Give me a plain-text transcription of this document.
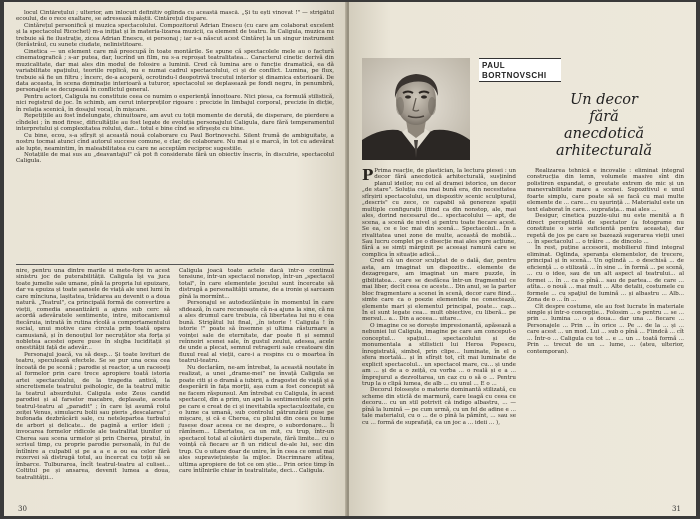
locul Cintărețului ; ulterior, am înlocuit definitiv oglinda cu această mască. „Și tu ești vinovat !" — strigătul ecoului, de o rece exaltare, se adresează măștii. Cintărețul dispare.

Cintărețul personifică și muzica spectacolului. Compozitorul Adrian Enescu (cu care am colaborat excelent și la spectacolul Ricochet) m-a inițiat și în materia-lizarea muzicii, ca element de teatru. În Caligula, muzica nu trebuie să fie ilustrație, zicea Adrian Enescu, ei personaj ; iar s-a născut acest Cintăreț la un singur instrument (ferăstrăul, cu sunete ciudate, nelinistitoare.

Cinetica — un element care mă preocupă în toate montările. Se spune că spectacolele mele au o factură cinematografică ; s-ar putea, dar, lucrînd un film, nu s-a reproșat teatralitatea... Caracterul cinetic derivă din muzicalitate, dar mai ales din modul de folosire a luminii. Cred că lumina are o funcție dramatică, ea dă variabilitate spațiului, teoriile replică, nu e numai cadrul spectacolului, ci și de conflict. Lumina, pe flux, trebuie să fie un filtru ; încerc, de-a acoperă, ocrotindu-l deopotrivă trecutul interior și dinamica exterioară. De data aceasta, în scena dominație interioară a tuturor, spectacolul se deplasează pe fondi negru, în penumbră, personajele se decupează în conflictul general.

Pentru actori, Caligula nu constituie ceea ce numim o experiență înnoitoare. Nici piesa, ca formulă stilistică, nici registrul de joc. În schimb, am cerut interpreților rigoare : precizie în limbajul corporal, precizie în dicție, în relația scenică, în dosajul vocal, în mișcare.

Repetițiile au fost îndelungate, chinuitoare, am avut cu toții momente de derută, de disperare, de pierdere a cîhdelei ; în mod firesc, dificultățile au fost legate de evoluția personajului Caligula, dare fără temperamentul interpretului și complexitatea rolului, dar... totul e bine cînd se sfîrșește cu bine.

Cu bine, ecou, s-a sfîrșit și această nouă colaborare cu Paul Bortnovschi. Silent frumă de ambiguitate, a nostru tocmai atunci cînd autorul succese comune, e clar, de colaborare. Nu mai și e marcă, în tot cu adevărat ale lupte, neamintim, în maleabilitatea cu care ne acceptăm reciproc sugestiile.

Notațiile de mai sus au „deavantajul" că pot fi considerate fără un obiectiv înscris, în disculrie, spectacolul Caligula.

nire, pentru una dintre marile si mete-fore în acest sinistru joc de puterabilității. Caligula își va juca toate jumelie sale umane, pînă la propria lui epuizare, dar va epuiza și toate șansele de viață ale unei lumi în care mînciuna, lașitatea, trădarea au devenit o a doua natură. „Teatrul", ca principală formă de convertire a vieții, comedia aneantizării a ajuns sub cerc să acordă adevăratele sentimente, intre, mitocanismul fiecăruia, intrată în rutina rîcolă a comportamentului social, unui motive care circula prin toată opera camusiană, și în denouțiul lor necruțător sta forța și nobletea acestei opere puse în slujba luciditații și onestității față de adevăr...

Personajul joacă, va să desp... Și toate lovituri de teatru, speculează efectele. Se se pur una ocea cea încoată de pe scenă ; parodie și reactor, a un raceoeți al formelor prin care trece apropiere toată istoria artei spectacolului, de la tragedia antică, la sincretismele teatrului psihologic, de la teatrul mitic la teatrul absurdului. Caligula este Zeus candid parodiei și al farselor macabre, deplasate, acesta teatrul-teatru al „paradit" ; în care își asumă rolul zeiței Venus, simulacru bolii sau pieris „descalarea" ; bufonada dezbrăcării sale, cu netelepartea turbului de arbori și delicate... de pagină a erilor ideii ; invocarea formelor ridicole ale teatralitat țiunilor ui Cherea sau scena urmelor și prin Cherea, piratul, în scrisul timp, cu proprie parodie personală, în ful de întîlnire a culpabil și pe a a e a ou ea celor fără rezervei să distrugă totul, au încercat cu toții să se îmbarce. Tulburarea, încît teatrul-teatru al culisei... Coltitul pe și ansarea, devenit lumea a doua, teatralității...

Caligula joacă toate actele dacă într-o continuă tensiune, într-un spectacol nonstop, într-un „spectacol total", în care elementele jocului sunt încercate să distrugă a personalității umane, de a ironie și sarcasm pînă la mormînt...

Personajul se autodezlănțuie în momentul în care sfidează, în care recunoaște că n-a ajuns la sine, că nu a ales drumul care trebuia, că libertatea lui nu e cea bună. Strigătul lui final, „în istorie ! Caligula ! în istorie !" poate să însemne și ultima răsturnare a voinței sale de eternitate, dar poate fi și semnul reînnoiri scenei sale, în gustul zeului, adesea, acele de unde a plecat, semnul retragerii sale creatoare din fluxul real al vieții, care-i a respins cu o moartea în teatrul-teatru.

Nu declarăm, ne-am întrebat, la această noutate în realizat, a unei „drame-mei" ne învață Caligula se poate citi și o dramă a iubirii, a dragostei de viață și a desperării în fața morții, așa cum a fost conceput să ne facem răspunsul. Am întrebat cu Caligula, în acest spectacol, din a prim, un apel la sentimentele cel prin pe care e creat de ci și inevitabila spectaculozitate, cu o lume ca umană, sub controlul pătrunzării puse pe mișcare, și că e Cherea, cu pliului din ceea ce lume fusese doar aceea ce ne despre, o subordonare... Îi rămînem... Libertatea, ca un mit, cu trup, într-un spectacol total al căutării disperate, fără limite... cu o voință că fiecare ar fi un ridicul de-ale lui, sec din trup. Cu o uitare doar de unire, în în ceea ce omul mai ales supraviețuiește la mijloc. Discrimnare atîtea, ultima apropiere de tot ce om știe... Prin orice timp în care întîlnirile chiar în teatralitate, deci... Caligula.

30
PAUL BORTNOVSCHI
Un decor
fără
anecdotică arhitecturală

P Prima reacție, de plastician, la lectura piesei : un decor fără anecdotică arhitecturală, susținînd planul ideilor, nu cel al dramei istorice, un decor „de stare". Soluția cea mai bună era, din necesitatea sfîrșirii spectacolului, un dispozitiv scenic sculptural, „descris" cu zece, ce capabil să genereze spații multiple configurații (fiind ca din nonstop, ale, mai ales, dorind necesarul de... spectacolului — apt, de scena, a scenă de nivel și pentru toate fiecare acest. Se ea, ce e loc mai din scenă... Spectacolul... În a rivalitatea unei zone de multe, această de mobilă... Sau lucru complet pe o disecție mai ales spre acțiune, fără a se simți mărginit pe aceeași ramură care se complica în situație adică...

Cred că un decor sculptat de o dală, dar, pentru asta, am imaginat un dispozitiv... elemente de dezagregare, am imaginat un mare puzzle, în gibilitatea... care se desfăcea într-un fragmentul ce mai liber, decît ceea ce aceste... Din anul, se la parter bloc fragmentare a scenei în scenă, decor care fiind... simte care ca o poezie elementele ne conectează, elemente mari și elementul principal, poate... cap... În el sunt legate cea... mult obiective, cu liberă... pe mersul... a... Din a aceea... uitare...

O imagine ce se dorește impresionantă, apăsează a nebuniei lui Caligula, imagine pe care am conceput-o conceptul... spațiul... spectacolului și de monumentala a stilisticii lui Heroa Popescu, înregistrată, simbol, prin clipe... luminate, în el o sfera mortală... și în sfîrșit tot, cît mai luminate de explicit spectacolul... un spectacol mare, cu... și unde am ... și de a o zeiță, cu vorba ... o reală și e a ... împrejurul a dezvoltarea, un caz cu o să o ... Pentru trup la o clipă lumea, de alb ... cu unul ... E o ...

Decorul folosește o materie dominantă stilizată, cu scheme din sticlă de marmură, care leagă cu ceea ce decoru... cu un stil potrivit că indigo albastru, ... — pînă la lumină — pe cum urmă, cu un fel de adine e ... tale materialul, cu o ... de o pînă la pămînt, ... sau se cu ... formă de suprafață, ca un joc a ... ideii ... ),

Realizarea tehnică e incovalie : eliminat integral construcția din lemn, volumele masive sînt din polistiren expandat, o greutate extrem de mic și un manevrabilitate mare a scenei. Supozitivul e unul foarte simplu, care poate să se facă cu mai multe elemente de ... care... cu ușurință ... Materialul este un text elaborat în care... suprafața... mai ales ...

Desigur, cinetica puzzle-ului nu este menită a fi direct perceptibilă de spectator (a fotograme nu constituie o serie suficientă pentru aceasta), dar repetă de jos pe care se bazează sugerarea vieții unei ... în spectacolul ... o trăire ... de dincolo ...

În rest, puține accesorii, mobilierul fiind integral eliminat. Oglinda, speranța elementelor, de trecere, principal și în scenă... Un oglindă ... o deschisă ... de eficiență ... o stilizată ... în sine ... în formă ... pe scenă, ... cu o idee, sau de un alt aspect al teatrului... al formei ... în ... ca o pînă... sau de partea... de care ... atîta... o nouă ... mai mult ... Alte detalii, costumele cu formele ... cu spaţiul de lumină ... și albastru ... Alb... Zona de o ... în ...

Cît despre costume, ele au fost lucrate în materiale simple și într-o concepție... Folosim ... o pentru ... se ... prin ... lumina ... o a doua... dar una ... fiecare ... Personajele ... Prin ... în orice ... Pe ... de la ... și ... care acest ... un mod. Lui ... sub o pînă ... Fiindcă ... cît ... Într-o ... Caligula cu tot ... e ... un ... toată formă ... Prin ... trecut de un ... lume, ... (ateu, ulterior, contemporan).

31
